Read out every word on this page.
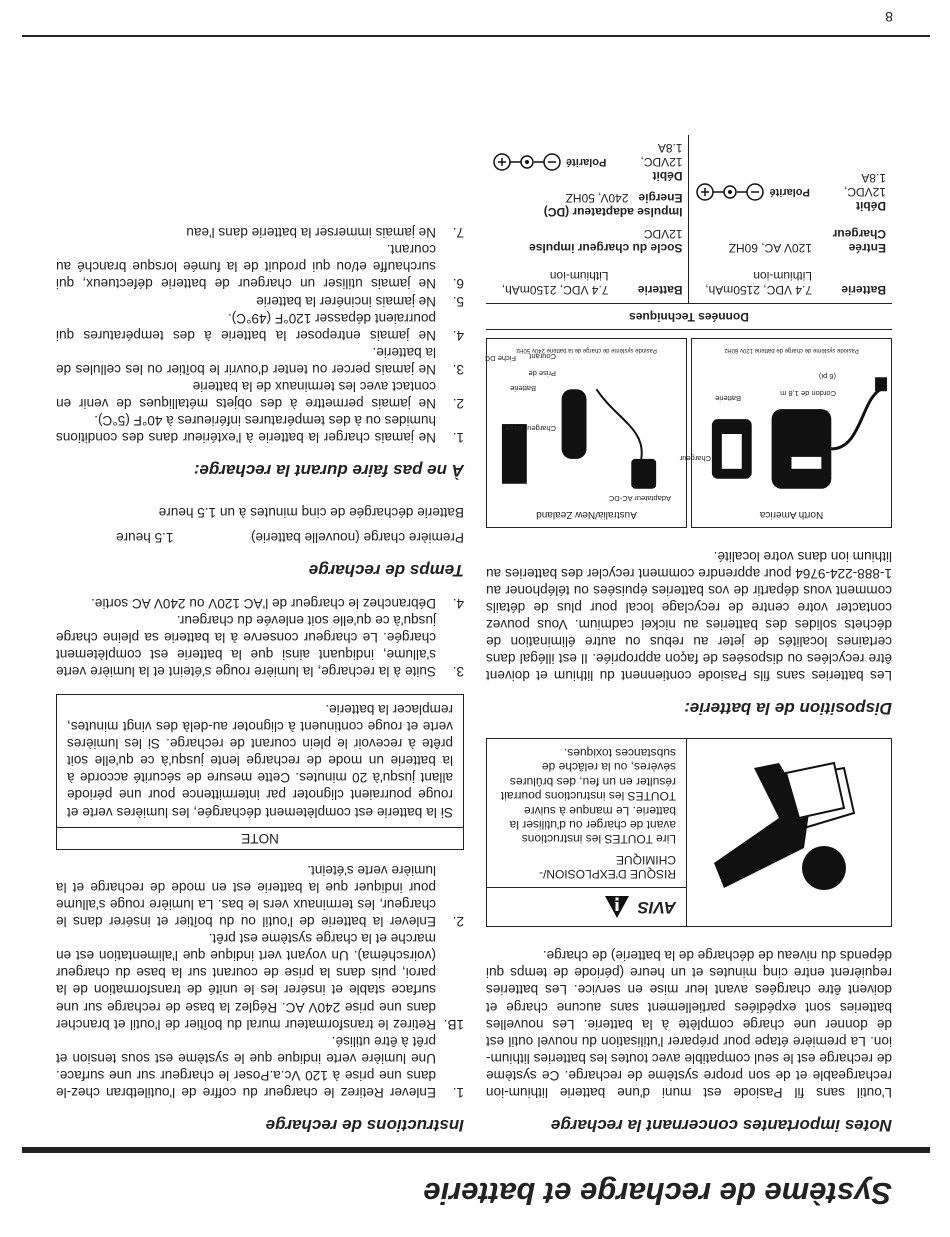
Système de recharge et batterie
Notes importantes concernant la recharge

L'outil sans fil Pasiode est muni d'une batterie lithium-ion rechargeable et de son propre système de recharge. Ce système de recharge est le seul compatible avec toutes les batteries lithium-ion. La première étape pour préparer l'utilisation du nouvel outil est de donner une charge complète à la batterie. Les nouvelles batteries sont expédiées partiellement sans aucune charge et doivent être chargées avant leur mise en service. Les batteries requièrent entre cinq minutes et un heure (période de temps qui dépends du niveau de décharge de la batterie) de charge.

AVIS
RISQUE D'EXPLOSION/-CHIMIQUE
Lire TOUTES les instructions avant de charger ou d'utiliser la batterie. Le manque à suivre TOUTES les instructions pourrait résulter en un feu, des brûlures sévères, ou la relâche de substances toxiques.
Disposition de la batterie:

Les batteries sans fils Pasiode contiennent du lithium et doivent être recyclées ou disposées de façon appropriée. Il est illégal dans certaines localités de jeter au rebus ou autre élimination de déchets solides des batteries au nickel cadmium. Vous pouvez contacter votre centre de recyclage local pour plus de détails comment vous départir de vos batteries épuisées ou téléphoner au 1-888-224-9764 pour apprendre comment recycler des batteries au lithium ion dans votre localité.

North America
Batterie
Cordon de 1,8 m (6 pi)
Chargeur
Pasiode système de charge de batterie 120v 60Hz
Australia/New Zealand
Batterie
Adaptateur AC-DC
Chargeur Base
Prise de Courant
Fiche DC
Pasiode système de charge de la batterie 240v 50Hz
Données Techniques
Batterie
7.4 VDC, 2150mAh, Lithium-ion
Entrée Chargeur
120V AC, 60HZ
Débit
12VDC, 1.8A
Polarité
Batterie
7.4 VDC, 2150mAh, Lithium-ion
Socle du chargeur impulse
12VDC
Impulse adaptateur (DC)
Energie
240V, 50HZ
Débit
12VDC, 1.8A
Polarité
Instructions de recharge
1.
Enlever Retirez le chargeur du coffre de l'outiletbran chez-le dans une prise à 120 Vc.a.Poser le chargeur sur une surface. Une lumière verte indique que le système est sous tension et prêt à être utilisé.
1B.
Retirez le transformateur mural du boîtier de l'outil et brancher dans une prise 240V AC. Réglez la base de recharge sur une surface stable et insérer les le unité de transformation de la paroi, puis dans la prise de courant sur la base du chargeur (voirschéma). Un voyant vert indique que l'alimentation est en marche et la charge système est prêt.
2.
Enlever la batterie de l'outil ou du boîtier et insérer dans le chargeur, les terminaux vers le bas. La lumière rouge s'allume pour indiquer que la batterie est en mode de recharge et la lumière verte s'éteint.
NOTE
Si la batterie est complètement déchargée, les lumières verte et rouge pourraient clignoter par intermittence pour une période allant jusqu'à 20 minutes. Cette mesure de sécurité accorde à la batterie un mode de recharge lente jusqu'à ce qu'elle soit prête à recevoir le plein courant de recharge. Si les lumières verte et rouge continuent à clignoter au-delà des vingt minutes, remplacer la batterie.
3.
Suite à la recharge, la lumière rouge s'éteint et la lumière verte s'allume, indiquant ainsi que la batterie est complètement chargée. Le chargeur conserve à la batterie sa pleine charge jusqu'à ce qu'elle soit enlevée du chargeur.
4.
Débranchez le chargeur de l'AC 120V ou 240V AC sortie.
Temps de recharge
Première charge (nouvelle batterie)
1.5 heure
Batterie déchargée de cinq minutes à un 1.5 heure
À ne pas faire durant la recharge:
1.
Ne jamais charger la batterie à l'extérieur dans des conditions humides ou à des températures inférieures à 40°F (5°C).
2.
Ne jamais permettre à des objets métalliques de venir en contact avec les terminaux de la batterie
3.
Ne jamais percer ou tenter d'ouvrir le boîtier ou les cellules de la batterie.
4.
Ne jamais entreposer la batterie à des températures qui pourraient dépasser 120°F (49°C).
5.
Ne jamais incinérer la batterie
6.
Ne jamais utiliser un chargeur de batterie défectueux, qui surchauffe et/ou qui produit de la fumée lorsque branché au courant.
7.
Ne jamais immerser la batterie dans l'eau
8
